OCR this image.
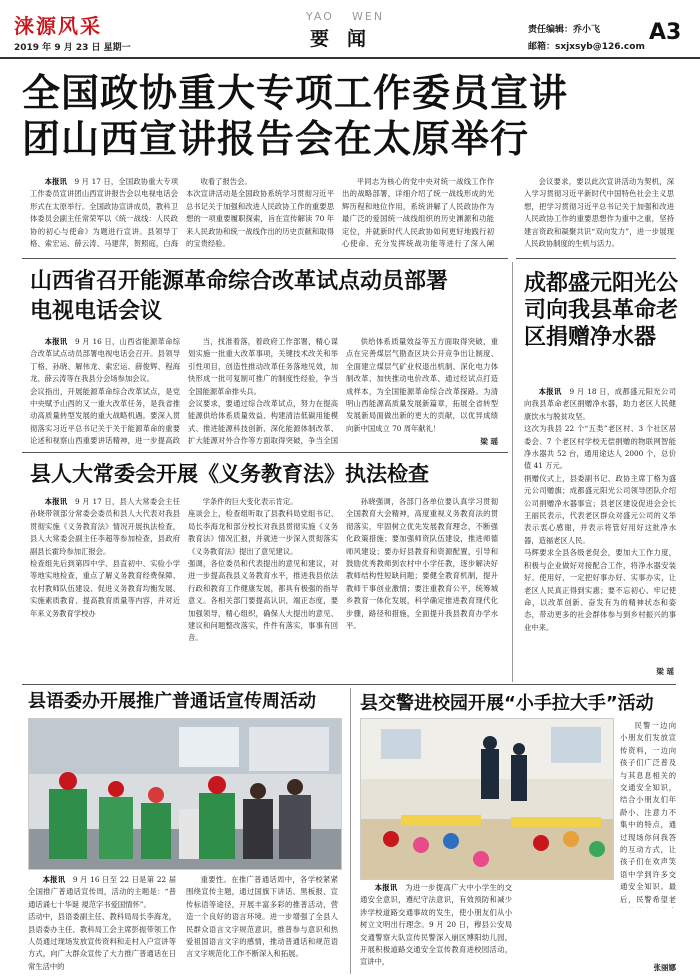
涞源风采
2019 年 9 月 23 日 星期一
YAO WEN
要闻	责任编辑：乔小飞
邮箱：sxjxsyb@126.com
A3
全国政协重大专项工作委员宣讲
团山西宣讲报告会在太原举行

本报讯　9 月 17 日，全国政协重大专项工作委员宣讲团山西宣讲报告会以电视电话会形式在太原举行。全国政协宣讲成员，教科卫体委员会副主任常荣军以《统一战线：人民政协的初心与使命》为题进行宣讲。县领导丁格、索宏运、薛云涛、马建萍，贺照庭，白海

收看了报告会。
本次宣讲活动是全国政协系统学习贯彻习近平总书记关于加强和改进人民政协工作的重要思想的一项重要履职探索，旨在宣传解读 70 年来人民政协和统一战线作出的历史贡献和取得的宝贵经验。

平同志为核心的党中央对统一战线工作作出的战略部署，详细介绍了统一战线形成的光辉历程和地位作用，系统讲解了人民政协作为最广泛的爱国统一战线组织的历史渊源和功能定位，并就新时代人民政协如何更好地践行初心使命、充分发挥统战功能等进行了深入阐

会议要求，要以此次宣讲活动为契机，深入学习贯彻习近平新时代中国特色社会主义思想，把学习贯彻习近平总书记关于加强和改进人民政协工作的重要思想作为重中之重，坚持建言资政和凝聚共识“双向发力”，进一步展现人民政协制度的生机与活力。

山西省召开能源革命综合改革试点动员部署
电视电话会议

本报讯　9 月 16 日，山西省能源革命综合改革试点动员部署电视电话会召开。县领导丁格、孙晓、解伟龙、索宏运、薛俊辉、程海龙、薛云涛等在我县分会场参加会议。
会议指出，开展能源革命综合改革试点，是党中央赋予山西的又一重大改革任务，是我省推动高质量转型发展的重大战略机遇。要深入贯彻落实习近平总书记关于关于能源革命的重要论述和视察山西重要讲话精神，进一步提高政

当，找准着落，着政府工作部署，精心谋划实施一批重大改革事项，关键技术改关和举引性项目，创造性推动改革任务落地见效，加快形成一批可复制可推广的制度性经验，争当全国能源革命排头兵。
会议要求，要通过综合改革试点，努力在提高能源供给体系质量效益、构建清洁低碳用能模式、推进能源科技创新、深化能源体制改革、扩大能源对外合作等方面取得突破，争当全国

供给体系质量效益等五方面取得突破，重点在完善煤层气勘查区块公开竞争出让制度、全面建立煤层气矿业权退出机制、深化电力体制改革、加快推动电价改革、通过经试点打造成样本，为全国能源革命综合改革探路。为清明山西能源高质量发展新篇章，拓展全省转型发展新局面做出新的更大的贡献，以优异成绩向新中国成立 70 周年献礼！

梁 瑶
成都盛元阳光公司向我县革命老区捐赠净水器

本报讯　9 月 18 日，成都盛元阳光公司向我县革命老区捐赠净水器，助力老区人民健康饮水与脱贫攻坚。
这次为我县 22 个“五类”老区村、3 个社区居委会、7 个老区村学校无偿捐赠的物联网智能净水器共 52 台，通用途达人 2000 个，总价值 41 万元。
捐赠仪式上，县委副书记、政协主席丁格为盛元公司赠旗；成都盛元阳光公司领导团队介绍公司捐赠净水器事宜；县老区建设促进会会长王丽民表示，代表老区群众对盛元公司的义举表示衷心感谢，并表示将管好用好这批净水器，造福老区人民。
马辉要求全县各级老促会，要加大工作力度，积极与企业做好对接配合工作，将净水器安装好、使用好，一定把好事办好、实事办实，让老区人民真正得到实惠；要不忘初心、牢记使命，以改革创新、奋发有为的精神状态和姿态，带动更多的社会群体参与到乡村振兴的事业中来。

梁 瑶
县人大常委会开展《义务教育法》执法检查

本报讯　9 月 17 日，县人大常委会主任孙晓带领部分常委会委员和县人大代表对我县贯彻实施《义务教育法》情况开展执法检查，县人大常委会副主任李超等参加检查，县政府副县长霍玲参加汇报会。
检查组先后到第四中学、县直初中、实验小学等地实地检查，重点了解义务教育经费保障、农村教师队伍建设、促进义务教育均衡发展、实施素质教育、提高教育质量等内容，并对近年来义务教育学校办

学条件的巨大变化表示肯定。
座谈会上，检查组听取了县教科局党组书记、局长李海龙和部分校长对我县贯彻实施《义务教育法》情况汇报，并就进一步深入贯彻落实《义务教育法》提出了意见建议。
强调，各位委员和代表提出的意见和建议，对进一步提高我县义务教育水平，推进我县依法行政和教育工作健康发展，都具有极强的指导意义。各相关部门要提高认识，端正态度，要加强领导，精心组织，确保人大提出的意见、建议和问题整改落实，件件有落实，事事有回音。

孙晓强调，各部门各单位要认真学习贯彻全国教育大会精神，高度重视义务教育法的贯彻落实，牢固树立优先发展教育理念，不断强化政策措施；要加强师资队伍建设，推进师德师风建设；要办好县教育和资源配置，引导和鼓励优秀教师到农村中小学任教，逐步解决好教师结构性短缺问题；要健全教育机制，提升教师干事创业激情；要注重教育公平，统筹城乡教育一体化发展，科学确定推进教育现代化步骤，路径和措施，全面提升我县教育办学水平。

县语委办开展推广普通话宣传周活动

本报讯　9 月 16 日至 22 日是第 22 届全国推广普通话宣传周，活动的主题是：“普通话诵七十华诞 規范字书爱国情怀”。
活动中，县语委副主任、教科局局长李海龙，县语委办主任、教科局工会主席彭振带领工作人员通过现场发放宣传资料和走村入户宣讲等方式，向广大群众宣传了大力推广普通话在日常生活中的

重要性。在推广普通话周中，各学校紧紧围绕宣传主题，通过国旗下讲话、黑板报、宣传标语等途径，开展丰富多彩的推普活动，营造一个良好的语言环境。进一步增强了全县人民群众语言文字规范意识，推普参与意识和热爱祖国语言文字的感情，推动普通话和规范语言文字规范化工作不断深入和拓展。

县交警进校园开展“小手拉大手”活动

民警一边向小朋友们发放宣传资料，一边向孩子们广泛普及与其息息相关的交通安全知识，结合小朋友们年龄小、注意力不集中的特点，通过现场你问我答的互动方式，让孩子们在欢声笑语中学到许多交通安全知识。最后，民警希望老

本报讯　为进一步提高广大中小学生的交通安全意识，遵纪守法意识，有效预防和减少涉学校道路交通事故的发生，使小朋友们从小树立文明出行理念。9 月 20 日，穆县公安局交通警察大队宣传民警深入崩区博阳幼儿园，开展积极道路交通安全宣传教育进校园活动，宣讲中，

张丽娜
